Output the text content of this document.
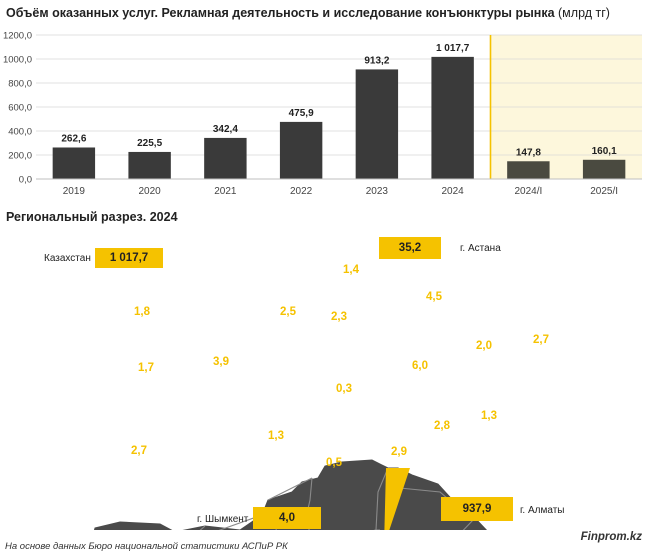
Объём оказанных услуг. Рекламная деятельность и исследование конъюнктуры рынка (млрд тг)
0,0
200,0
400,0
600,0
800,0
1000,0
1200,0
262,6
2019
225,5
2020
342,4
2021
475,9
2022
913,2
2023
1 017,7
2024
147,8
2024/I
160,1
2025/I
Региональный разрез. 2024
СКО
1,4
Павлодарская
4,5
Костанайская
2,5
Акмолинская
2,3
ЗКО
1,8
Актюбинская
3,9
Атырауская
1,7
Абайская
2,0
ВКО
2,7
Карагандинская
6,0
Улытауская
0,3
Кызылординская
1,3
Мангистауская
2,7
Жетысуская
1,3
Алматинская
2,8
Туркестанская
0,5
Жамбылская
2,9
Казахстан	1 017,7
35,2	г. Астана
4,0
г. Шымкент
937,9	г. Алматы
На основе данных Бюро национальной статистики АСПиР РК
Finprom.kz
